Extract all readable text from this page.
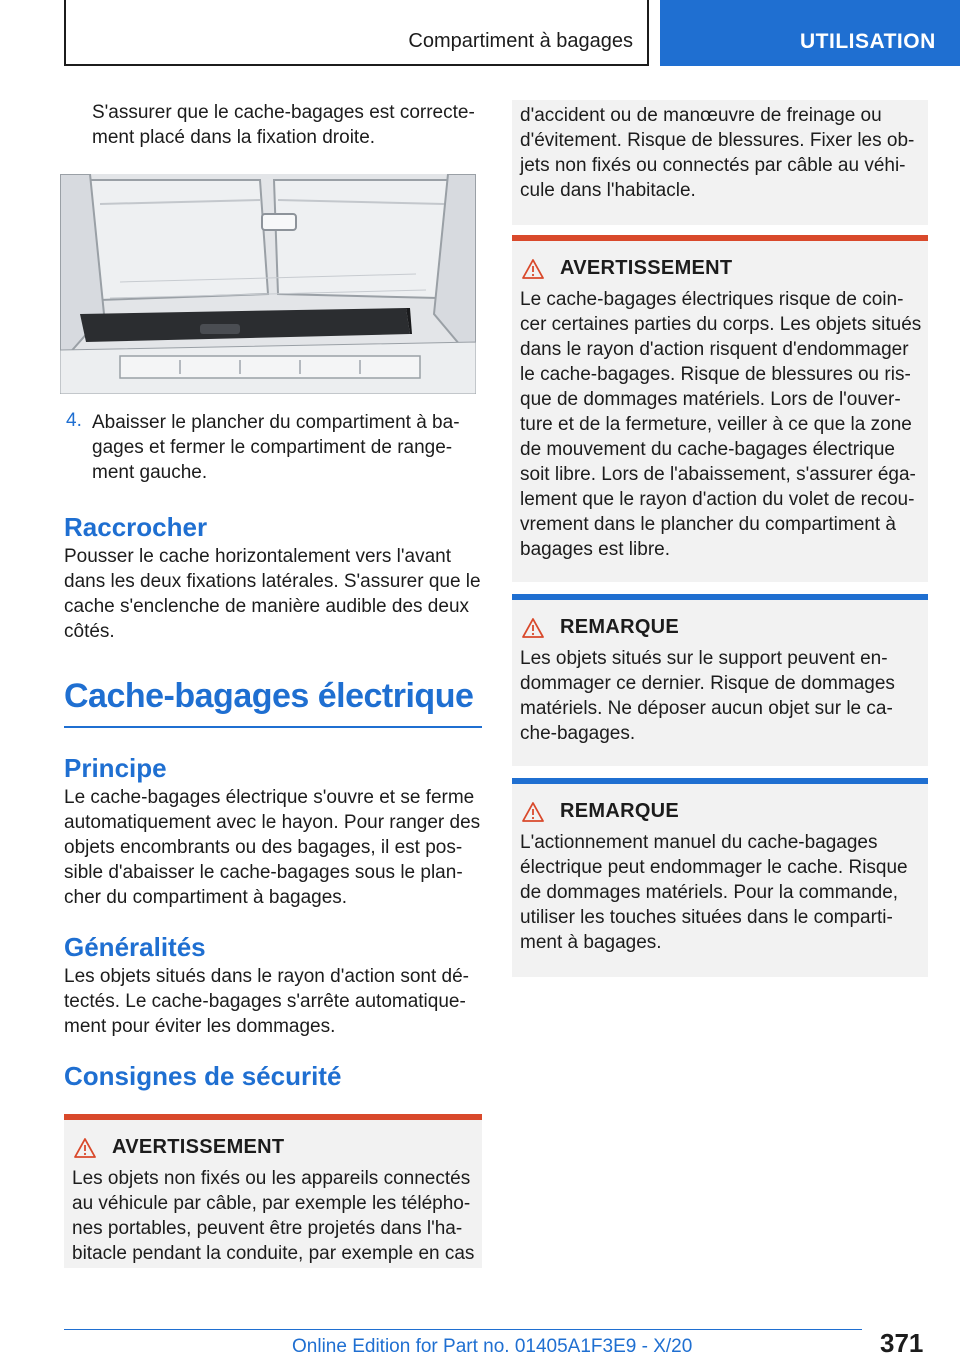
Compartiment à bagages	UTILISATION

S'assurer que le cache-bagages est correcte-ment placé dans la fixation droite.

4. Abaisser le plancher du compartiment à ba-gages et fermer le compartiment de range-ment gauche.

Raccrocher

Pousser le cache horizontalement vers l'avant dans les deux fixations latérales. S'assurer que le cache s'enclenche de manière audible des deux côtés.

Cache-bagages électrique
Principe

Le cache-bagages électrique s'ouvre et se ferme automatiquement avec le hayon. Pour ranger des objets encombrants ou des bagages, il est pos-sible d'abaisser le cache-bagages sous le plan-cher du compartiment à bagages.

Généralités

Les objets situés dans le rayon d'action sont dé-tectés. Le cache-bagages s'arrête automatique-ment pour éviter les dommages.

Consignes de sécurité
AVERTISSEMENT

Les objets non fixés ou les appareils connectés au véhicule par câble, par exemple les télépho-nes portables, peuvent être projetés dans l'ha-bitacle pendant la conduite, par exemple en cas

d'accident ou de manœuvre de freinage ou d'évitement. Risque de blessures. Fixer les ob-jets non fixés ou connectés par câble au véhi-cule dans l'habitacle.

AVERTISSEMENT

Le cache-bagages électriques risque de coin-cer certaines parties du corps. Les objets situés dans le rayon d'action risquent d'endommager le cache-bagages. Risque de blessures ou ris-que de dommages matériels. Lors de l'ouver-ture et de la fermeture, veiller à ce que la zone de mouvement du cache-bagages électrique soit libre. Lors de l'abaissement, s'assurer éga-lement que le rayon d'action du volet de recou-vrement dans le plancher du compartiment à bagages est libre.

REMARQUE

Les objets situés sur le support peuvent en-dommager ce dernier. Risque de dommages matériels. Ne déposer aucun objet sur le ca-che-bagages.

REMARQUE

L'actionnement manuel du cache-bagages électrique peut endommager le cache. Risque de dommages matériels. Pour la commande, utiliser les touches situées dans le comparti-ment à bagages.

371
Online Edition for Part no. 01405A1F3E9 - X/20
